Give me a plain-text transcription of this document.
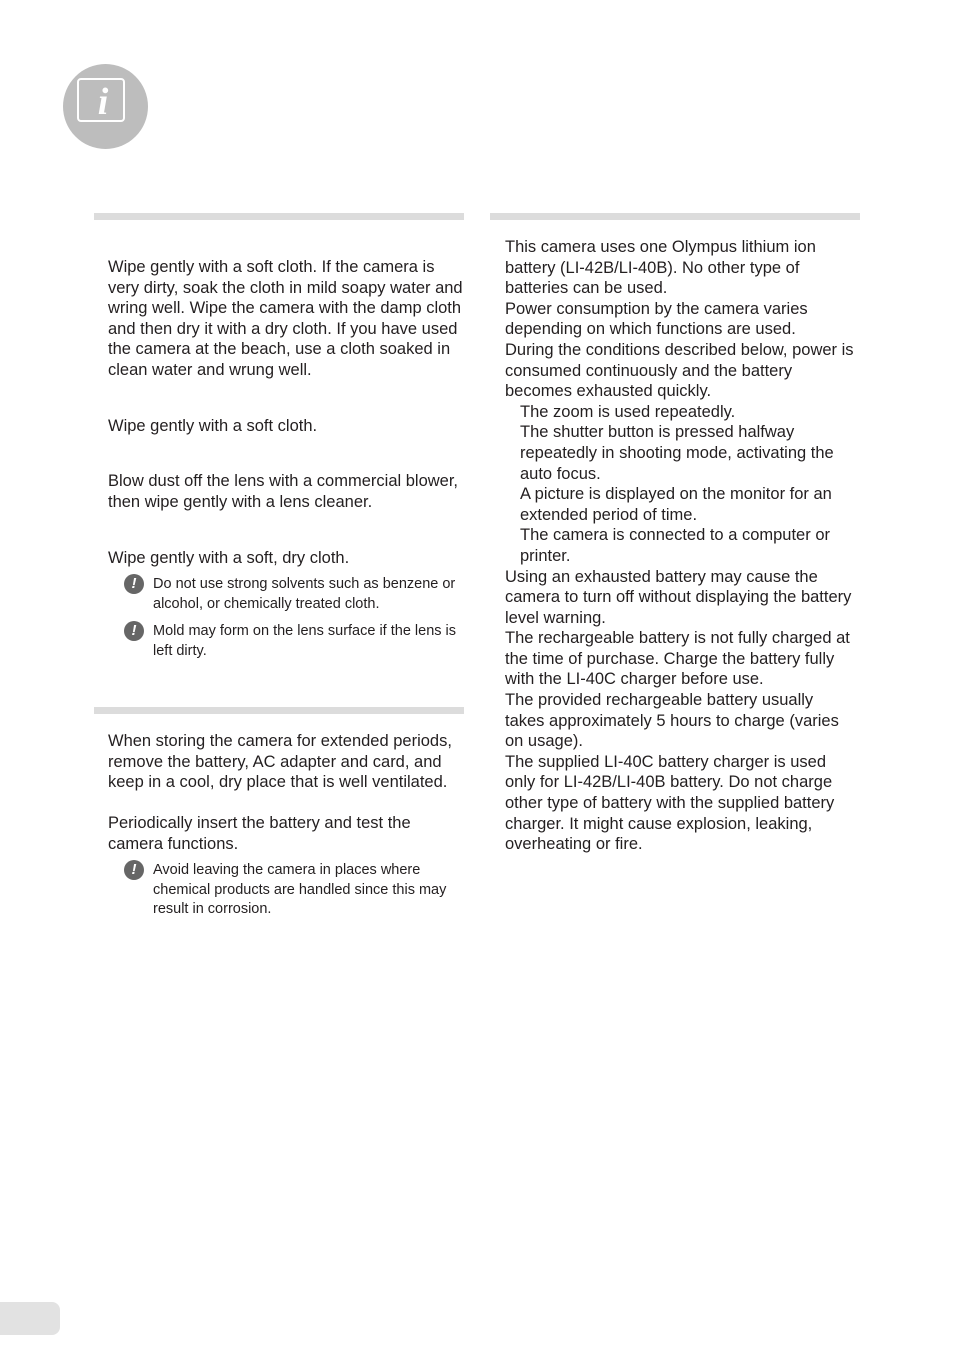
i

Wipe gently with a soft cloth. If the camera is very dirty, soak the cloth in mild soapy water and wring well. Wipe the camera with the damp cloth and then dry it with a dry cloth. If you have used the camera at the beach, use a cloth soaked in clean water and wrung well.

Wipe gently with a soft cloth.

Blow dust off the lens with a commercial blower, then wipe gently with a lens cleaner.

Wipe gently with a soft, dry cloth.

!	Do not use strong solvents such as benzene or alcohol, or chemically treated cloth.

!	Mold may form on the lens surface if the lens is left dirty.

When storing the camera for extended periods, remove the battery, AC adapter and card, and keep in a cool, dry place that is well ventilated.

Periodically insert the battery and test the camera functions.

!	Avoid leaving the camera in places where chemical products are handled since this may result in corrosion.

This camera uses one Olympus lithium ion battery (LI-42B/LI-40B). No other type of batteries can be used.

Power consumption by the camera varies depending on which functions are used.

During the conditions described below, power is consumed continuously and the battery becomes exhausted quickly.

The zoom is used repeatedly.

The shutter button is pressed halfway repeatedly in shooting mode, activating the auto focus.

A picture is displayed on the monitor for an extended period of time.

The camera is connected to a computer or printer.

Using an exhausted battery may cause the camera to turn off without displaying the battery level warning.

The rechargeable battery is not fully charged at the time of purchase. Charge the battery fully with the LI-40C charger before use.

The provided rechargeable battery usually takes approximately 5 hours to charge (varies on usage).

The supplied LI-40C battery charger is used only for LI-42B/LI-40B battery. Do not charge other type of battery with the supplied battery charger. It might cause explosion, leaking, overheating or fire.
